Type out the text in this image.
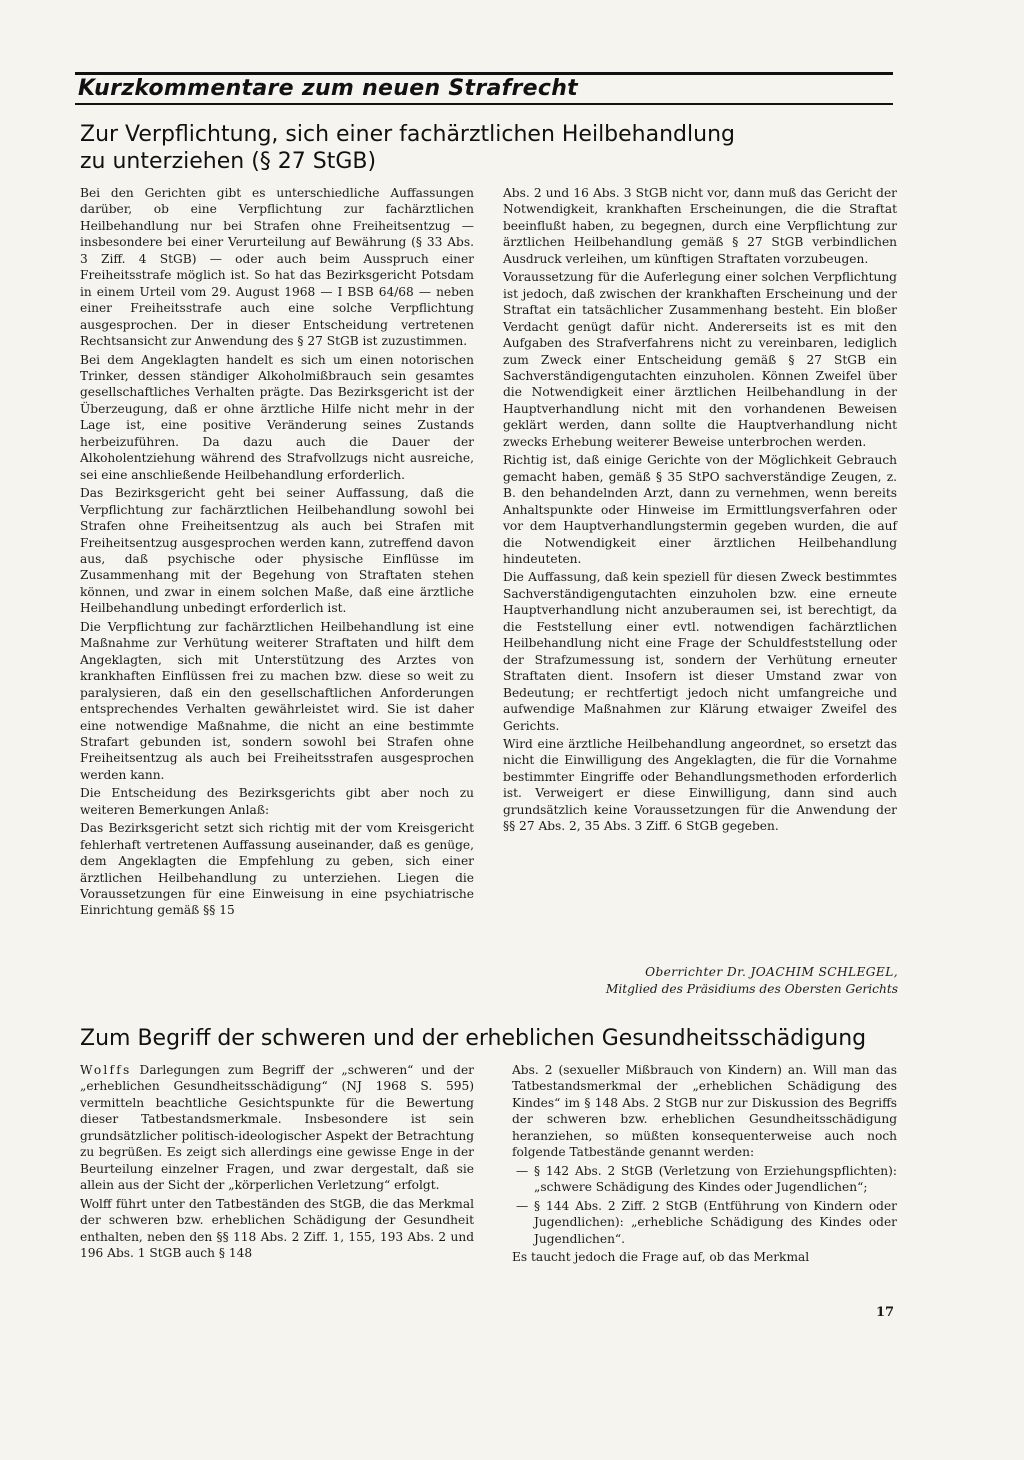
Kurzkommentare zum neuen Strafrecht
Zur Verpflichtung, sich einer fachärztlichen Heilbehandlung
zu unterziehen (§ 27 StGB)

Bei den Gerichten gibt es unterschiedliche Auffassungen darüber, ob eine Verpflichtung zur fachärztlichen Heilbehandlung nur bei Strafen ohne Freiheitsentzug — insbesondere bei einer Verurteilung auf Bewährung (§ 33 Abs. 3 Ziff. 4 StGB) — oder auch beim Ausspruch einer Freiheitsstrafe möglich ist. So hat das Bezirksgericht Potsdam in einem Urteil vom 29. August 1968 — I BSB 64/68 — neben einer Freiheitsstrafe auch eine solche Verpflichtung ausgesprochen. Der in dieser Entscheidung vertretenen Rechtsansicht zur Anwendung des § 27 StGB ist zuzustimmen.

Bei dem Angeklagten handelt es sich um einen notorischen Trinker, dessen ständiger Alkoholmißbrauch sein gesamtes gesellschaftliches Verhalten prägte. Das Bezirksgericht ist der Überzeugung, daß er ohne ärztliche Hilfe nicht mehr in der Lage ist, eine positive Veränderung seines Zustands herbeizuführen. Da dazu auch die Dauer der Alkoholentziehung während des Strafvollzugs nicht ausreiche, sei eine anschließende Heilbehandlung erforderlich.

Das Bezirksgericht geht bei seiner Auffassung, daß die Verpflichtung zur fachärztlichen Heilbehandlung sowohl bei Strafen ohne Freiheitsentzug als auch bei Strafen mit Freiheitsentzug ausgesprochen werden kann, zutreffend davon aus, daß psychische oder physische Einflüsse im Zusammenhang mit der Begehung von Straftaten stehen können, und zwar in einem solchen Maße, daß eine ärztliche Heilbehandlung unbedingt erforderlich ist.

Die Verpflichtung zur fachärztlichen Heilbehandlung ist eine Maßnahme zur Verhütung weiterer Straftaten und hilft dem Angeklagten, sich mit Unterstützung des Arztes von krankhaften Einflüssen frei zu machen bzw. diese so weit zu paralysieren, daß ein den gesellschaftlichen Anforderungen entsprechendes Verhalten gewährleistet wird. Sie ist daher eine notwendige Maßnahme, die nicht an eine bestimmte Strafart gebunden ist, sondern sowohl bei Strafen ohne Freiheitsentzug als auch bei Freiheitsstrafen ausgesprochen werden kann.

Die Entscheidung des Bezirksgerichts gibt aber noch zu weiteren Bemerkungen Anlaß:

Das Bezirksgericht setzt sich richtig mit der vom Kreisgericht fehlerhaft vertretenen Auffassung auseinander, daß es genüge, dem Angeklagten die Empfehlung zu geben, sich einer ärztlichen Heilbehandlung zu unterziehen. Liegen die Voraussetzungen für eine Einweisung in eine psychiatrische Einrichtung gemäß §§ 15

Abs. 2 und 16 Abs. 3 StGB nicht vor, dann muß das Gericht der Notwendigkeit, krankhaften Erscheinungen, die die Straftat beeinflußt haben, zu begegnen, durch eine Verpflichtung zur ärztlichen Heilbehandlung gemäß § 27 StGB verbindlichen Ausdruck verleihen, um künftigen Straftaten vorzubeugen.

Voraussetzung für die Auferlegung einer solchen Verpflichtung ist jedoch, daß zwischen der krankhaften Erscheinung und der Straftat ein tatsächlicher Zusammenhang besteht. Ein bloßer Verdacht genügt dafür nicht. Andererseits ist es mit den Aufgaben des Strafverfahrens nicht zu vereinbaren, lediglich zum Zweck einer Entscheidung gemäß § 27 StGB ein Sachverständigengutachten einzuholen. Können Zweifel über die Notwendigkeit einer ärztlichen Heilbehandlung in der Hauptverhandlung nicht mit den vorhandenen Beweisen geklärt werden, dann sollte die Hauptverhandlung nicht zwecks Erhebung weiterer Beweise unterbrochen werden.

Richtig ist, daß einige Gerichte von der Möglichkeit Gebrauch gemacht haben, gemäß § 35 StPO sachverständige Zeugen, z. B. den behandelnden Arzt, dann zu vernehmen, wenn bereits Anhaltspunkte oder Hinweise im Ermittlungsverfahren oder vor dem Hauptverhandlungstermin gegeben wurden, die auf die Notwendigkeit einer ärztlichen Heilbehandlung hindeuteten.

Die Auffassung, daß kein speziell für diesen Zweck bestimmtes Sachverständigengutachten einzuholen bzw. eine erneute Hauptverhandlung nicht anzuberaumen sei, ist berechtigt, da die Feststellung einer evtl. notwendigen fachärztlichen Heilbehandlung nicht eine Frage der Schuldfeststellung oder der Strafzumessung ist, sondern der Verhütung erneuter Straftaten dient. Insofern ist dieser Umstand zwar von Bedeutung; er rechtfertigt jedoch nicht umfangreiche und aufwendige Maßnahmen zur Klärung etwaiger Zweifel des Gerichts.

Wird eine ärztliche Heilbehandlung angeordnet, so ersetzt das nicht die Einwilligung des Angeklagten, die für die Vornahme bestimmter Eingriffe oder Behandlungsmethoden erforderlich ist. Verweigert er diese Einwilligung, dann sind auch grundsätzlich keine Voraussetzungen für die Anwendung der §§ 27 Abs. 2, 35 Abs. 3 Ziff. 6 StGB gegeben.

Oberrichter Dr. JOACHIM SCHLEGEL,
Mitglied des Präsidiums des Obersten Gerichts
Zum Begriff der schweren und der erheblichen Gesundheitsschädigung

Wolffs Darlegungen zum Begriff der „schweren“ und der „erheblichen Gesundheitsschädigung“ (NJ 1968 S. 595) vermitteln beachtliche Gesichtspunkte für die Bewertung dieser Tatbestandsmerkmale. Insbesondere ist sein grundsätzlicher politisch-ideologischer Aspekt der Betrachtung zu begrüßen. Es zeigt sich allerdings eine gewisse Enge in der Beurteilung einzelner Fragen, und zwar dergestalt, daß sie allein aus der Sicht der „körperlichen Verletzung“ erfolgt.

Wolff führt unter den Tatbeständen des StGB, die das Merkmal der schweren bzw. erheblichen Schädigung der Gesundheit enthalten, neben den §§ 118 Abs. 2 Ziff. 1, 155, 193 Abs. 2 und 196 Abs. 1 StGB auch § 148

Abs. 2 (sexueller Mißbrauch von Kindern) an. Will man das Tatbestandsmerkmal der „erheblichen Schädigung des Kindes“ im § 148 Abs. 2 StGB nur zur Diskussion des Begriffs der schweren bzw. erheblichen Gesundheitsschädigung heranziehen, so müßten konsequenterweise auch noch folgende Tatbestände genannt werden:

— § 142 Abs. 2 StGB (Verletzung von Erziehungspflichten): „schwere Schädigung des Kindes oder Jugendlichen“;
— § 144 Abs. 2 Ziff. 2 StGB (Entführung von Kindern oder Jugendlichen): „erhebliche Schädigung des Kindes oder Jugendlichen“.

Es taucht jedoch die Frage auf, ob das Merkmal

17
